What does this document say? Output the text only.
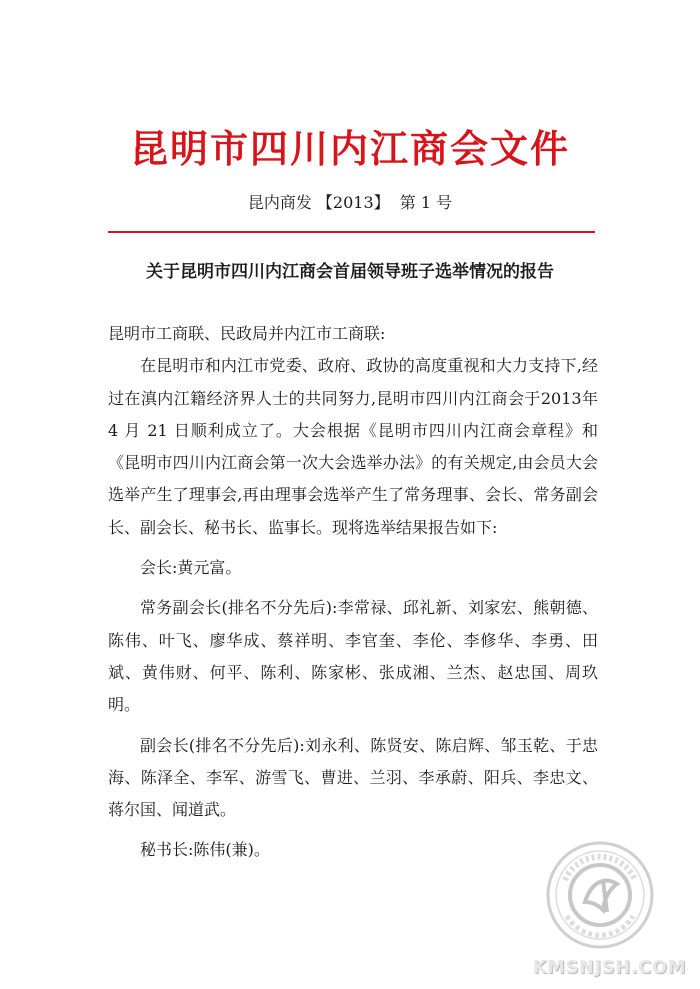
昆明市四川内江商会文件
昆内商发 【2013】  第 1 号
关于昆明市四川内江商会首届领导班子选举情况的报告

昆明市工商联、民政局并内江市工商联:

在昆明市和内江市党委、政府、政协的高度重视和大力支持下,经过在滇内江籍经济界人士的共同努力,昆明市四川内江商会于2013年 4 月 21 日顺利成立了。大会根据《昆明市四川内江商会章程》和《昆明市四川内江商会第一次大会选举办法》的有关规定,由会员大会选举产生了理事会,再由理事会选举产生了常务理事、会长、常务副会长、副会长、秘书长、监事长。现将选举结果报告如下:

会长:黄元富。

常务副会长(排名不分先后):李常禄、邱礼新、刘家宏、熊朝德、陈伟、叶飞、廖华成、蔡祥明、李官奎、李伦、李修华、李勇、田斌、黄伟财、何平、陈利、陈家彬、张成湘、兰杰、赵忠国、周玖明。

副会长(排名不分先后):刘永利、陈贤安、陈启辉、邹玉乾、于忠海、陈泽全、李军、游雪飞、曹进、兰羽、李承蔚、阳兵、李忠文、蒋尔国、闻道武。

秘书长:陈伟(兼)。

KMSNJSH.COM
